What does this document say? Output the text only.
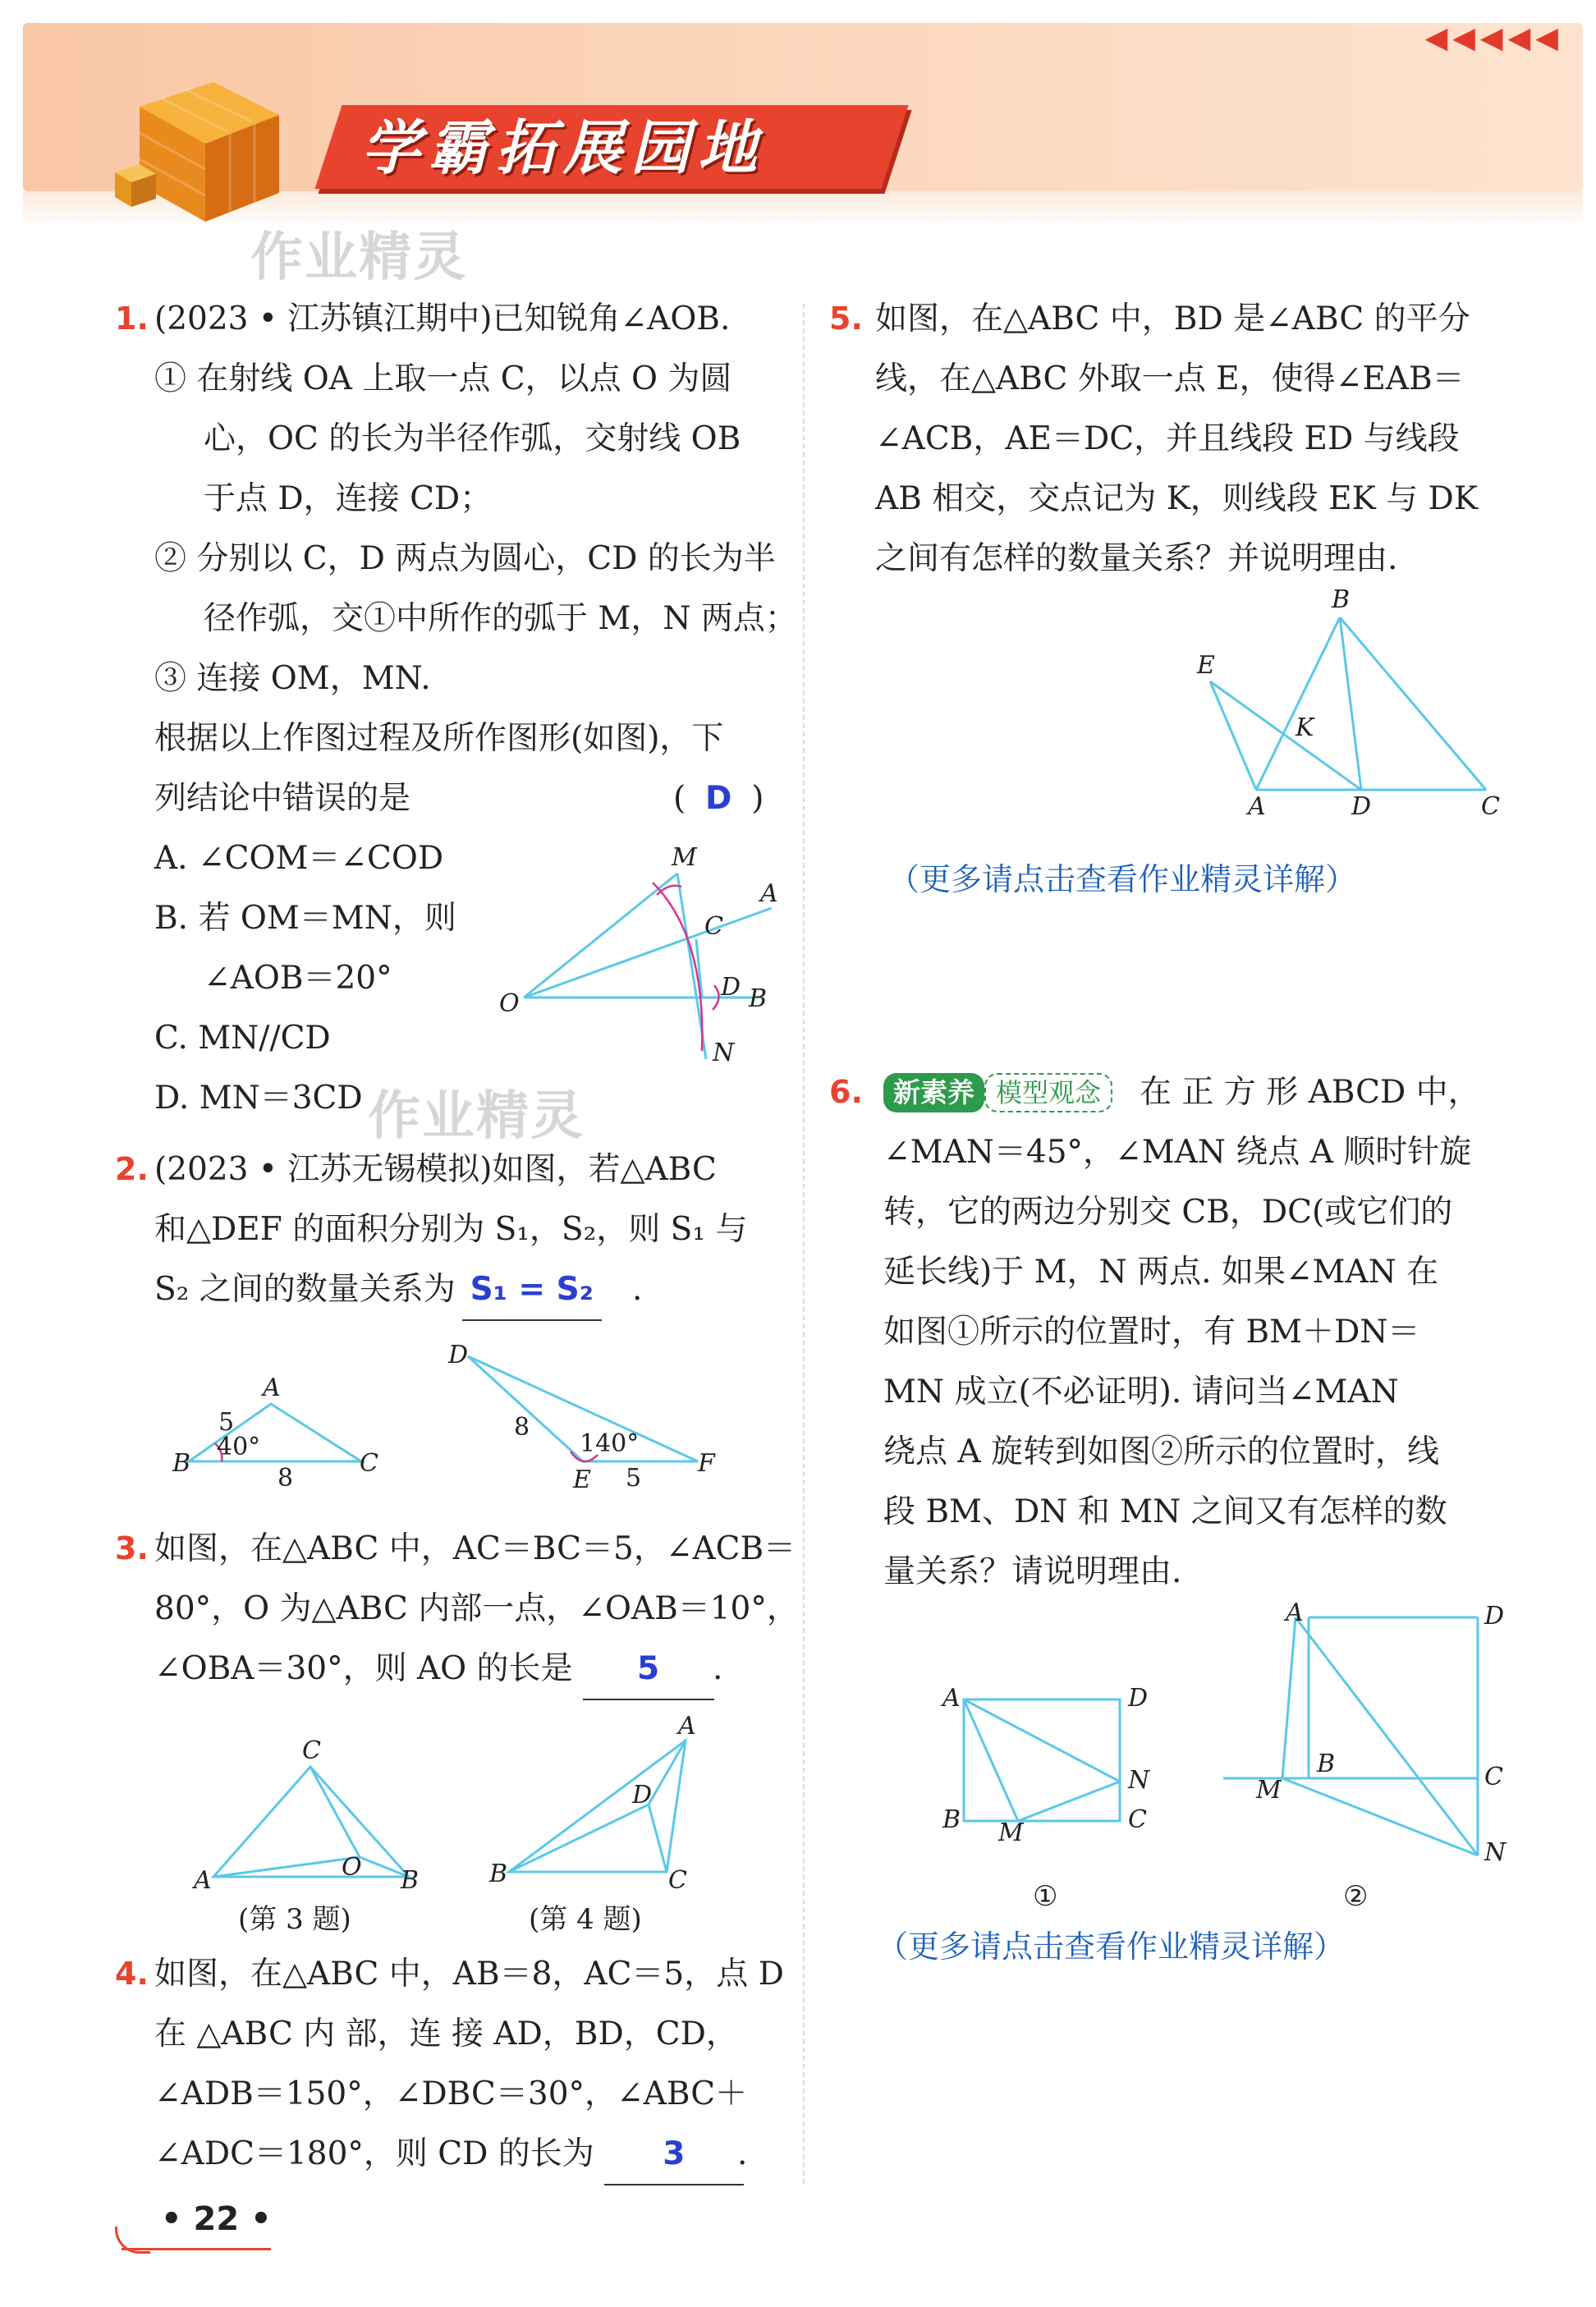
学霸拓展园地
◀◀◀◀◀
作业精灵
1. (2023 • 江苏镇江期中)已知锐角∠AOB.
① 在射线 OA 上取一点 C，以点 O 为圆
心，OC 的长为半径作弧，交射线 OB
于点 D，连接 CD；
② 分别以 C，D 两点为圆心，CD 的长为半
径作弧，交①中所作的弧于 M，N 两点；
③ 连接 OM，MN.
根据以上作图过程及所作图形(如图)，下
列结论中错误的是	( D )
A. ∠COM＝∠COD
B. 若 OM＝MN，则
∠AOB＝20°
C. MN//CD
D. MN＝3CD 作业精灵
M
A
C
O
D B
N
2. (2023 • 江苏无锡模拟)如图，若△ABC
和△DEF 的面积分别为 S₁，S₂，则 S₁ 与
S₂ 之间的数量关系为 S₁ = S₂ .
A
B	C
5
40°
8
D
E
F
8
140°
5
3. 如图，在△ABC 中，AC＝BC＝5，∠ACB＝
80°，O 为△ABC 内部一点，∠OAB＝10°，
∠OBA＝30°，则 AO 的长是 5	.
C
A	O B
A
D
B	C
(第 3 题)	(第 4 题)
4. 如图，在△ABC 中，AB＝8，AC＝5，点 D
在 △ABC 内 部，连 接 AD，BD，CD，
∠ADB＝150°，∠DBC＝30°，∠ABC＋
∠ADC＝180°，则 CD 的长为 3	.
5. 如图，在△ABC 中，BD 是∠ABC 的平分
线，在△ABC 外取一点 E，使得∠EAB＝
∠ACB，AE＝DC，并且线段 ED 与线段
AB 相交，交点记为 K，则线段 EK 与 DK
之间有怎样的数量关系？并说明理由.
B
E
K
A	D	C
（更多请点击查看作业精灵详解）
6.	新素养 模型观念	在 正 方 形 ABCD 中，
∠MAN＝45°，∠MAN 绕点 A 顺时针旋
转，它的两边分别交 CB，DC(或它们的
延长线)于 M，N 两点. 如果∠MAN 在
如图①所示的位置时，有 BM＋DN＝
MN 成立(不必证明). 请问当∠MAN
绕点 A 旋转到如图②所示的位置时，线
段 BM、DN 和 MN 之间又有怎样的数
量关系？请说明理由.
A	D
N
B M	C
①
A	D
B
M	C
N
②
（更多请点击查看作业精灵详解）
• 22 •
